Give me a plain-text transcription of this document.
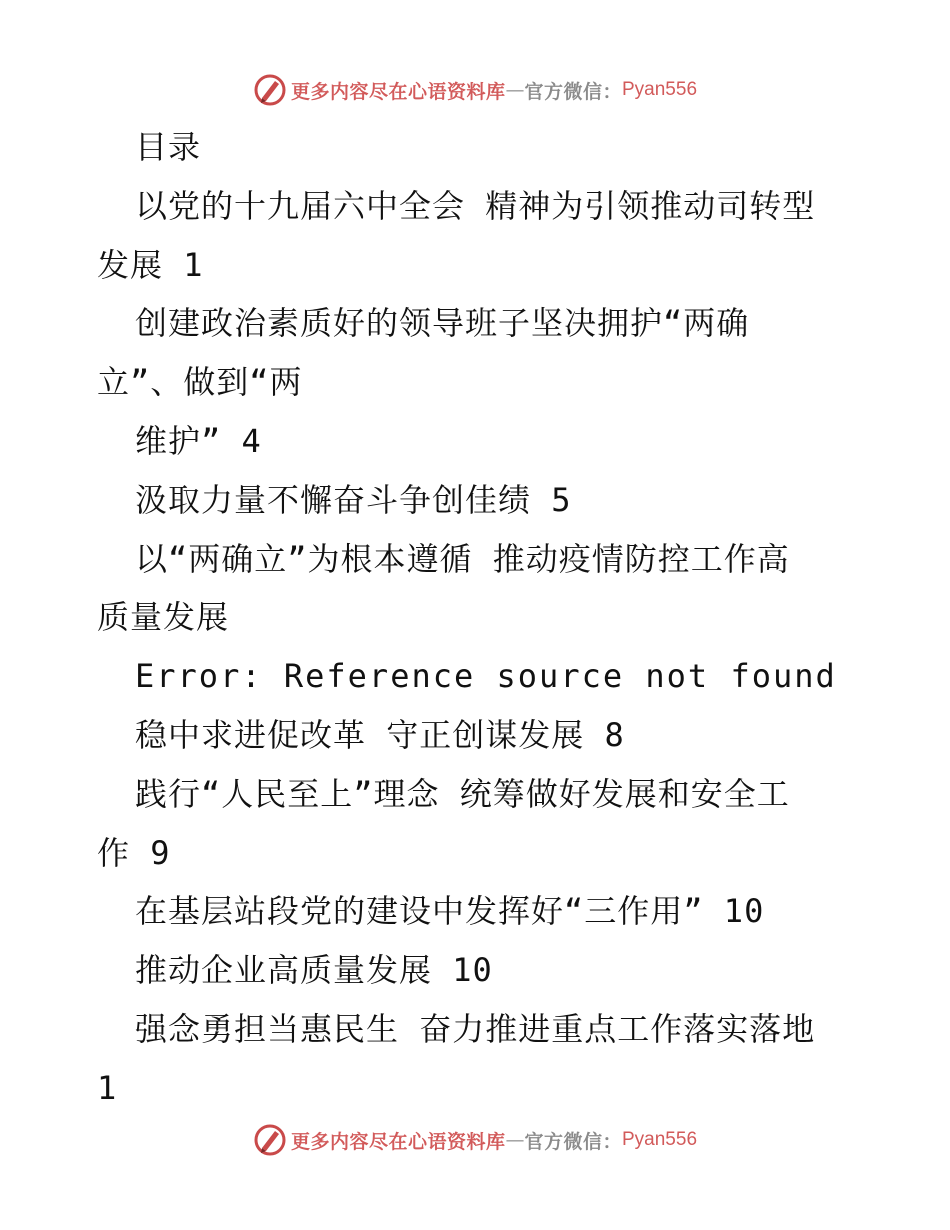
更多内容尽在心语资料库 — 官方微信： Pyan556

目录

以党的十九届六中全会 精神为引领推动司转型

发展 1

创建政治素质好的领导班子坚决拥护“两确

立”、做到“两

维护” 4

汲取力量不懈奋斗争创佳绩 5

以“两确立”为根本遵循 推动疫情防控工作高

质量发展

Error: Reference source not found

稳中求进促改革 守正创谋发展 8

践行“人民至上”理念 统筹做好发展和安全工

作 9

在基层站段党的建设中发挥好“三作用” 10

推动企业高质量发展 10

强念勇担当惠民生 奋力推进重点工作落实落地

1

更多内容尽在心语资料库 — 官方微信： Pyan556
